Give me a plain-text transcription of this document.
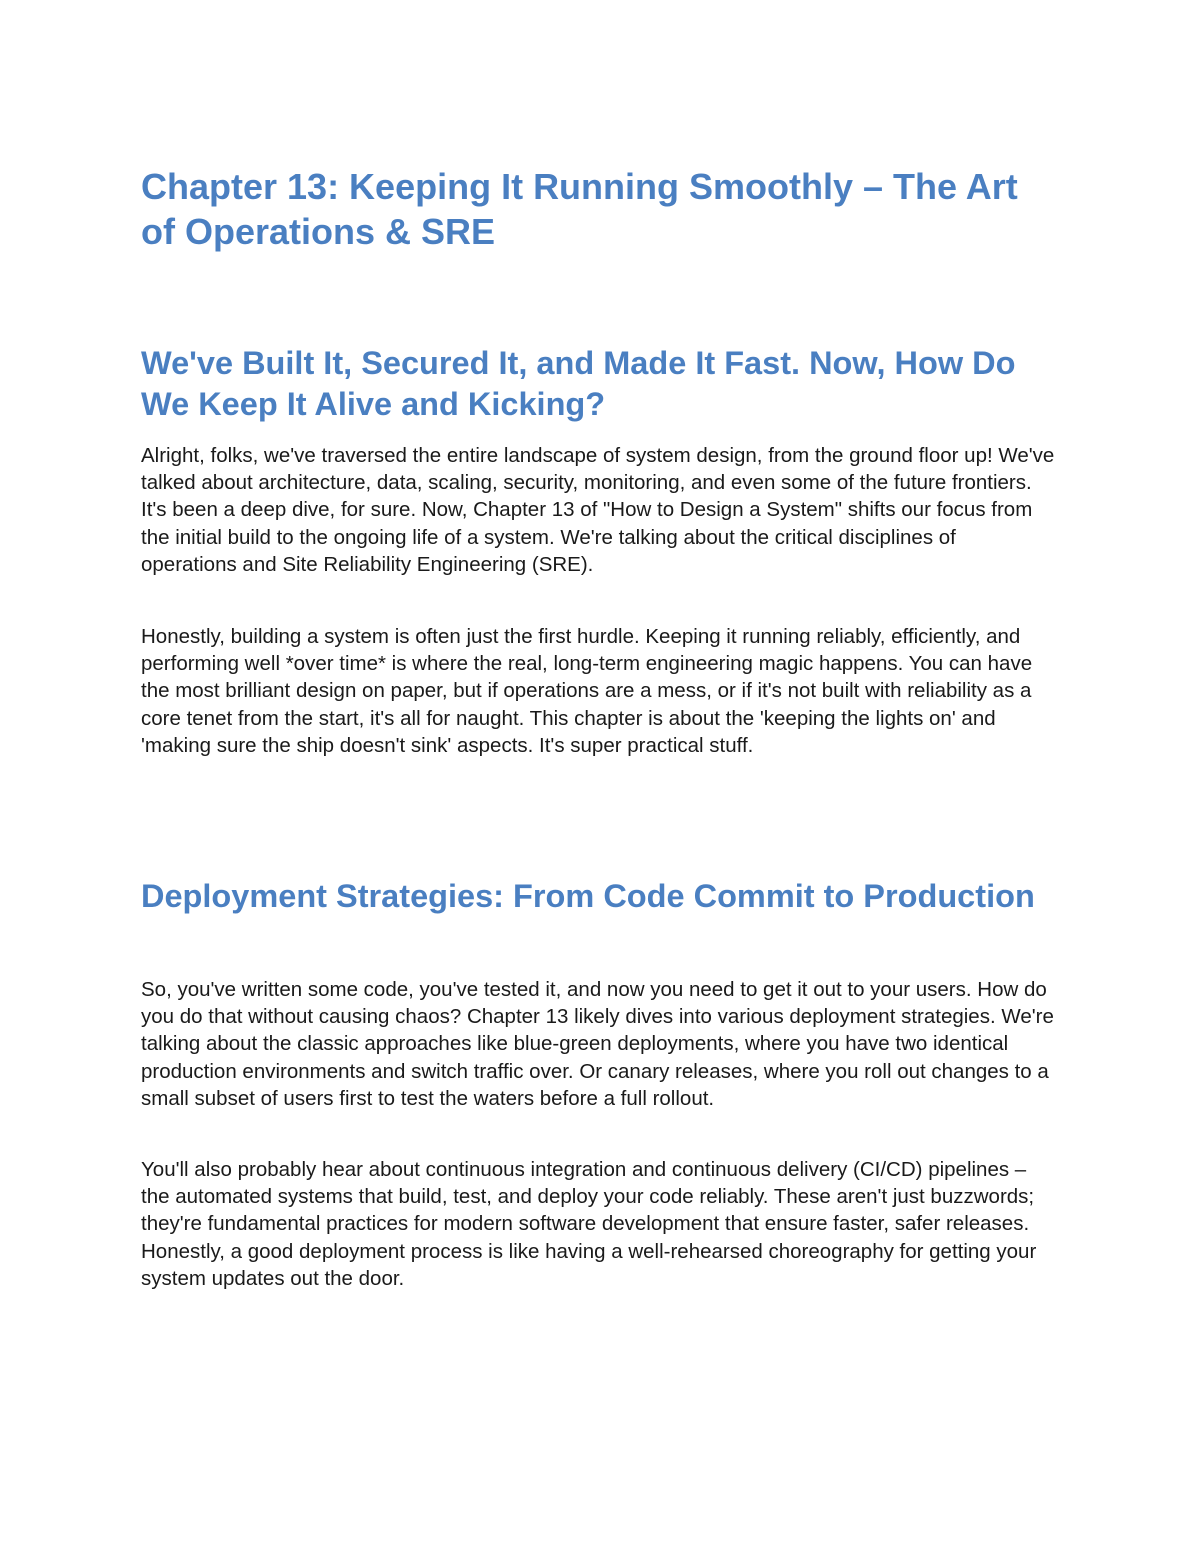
Chapter 13: Keeping It Running Smoothly – The Art of Operations & SRE
We've Built It, Secured It, and Made It Fast. Now, How Do We Keep It Alive and Kicking?

Alright, folks, we've traversed the entire landscape of system design, from the ground floor up! We've talked about architecture, data, scaling, security, monitoring, and even some of the future frontiers. It's been a deep dive, for sure. Now, Chapter 13 of "How to Design a System" shifts our focus from the initial build to the ongoing life of a system. We're talking about the critical disciplines of operations and Site Reliability Engineering (SRE).

Honestly, building a system is often just the first hurdle. Keeping it running reliably, efficiently, and performing well *over time* is where the real, long-term engineering magic happens. You can have the most brilliant design on paper, but if operations are a mess, or if it's not built with reliability as a core tenet from the start, it's all for naught. This chapter is about the 'keeping the lights on' and 'making sure the ship doesn't sink' aspects. It's super practical stuff.

Deployment Strategies: From Code Commit to Production

So, you've written some code, you've tested it, and now you need to get it out to your users. How do you do that without causing chaos? Chapter 13 likely dives into various deployment strategies. We're talking about the classic approaches like blue-green deployments, where you have two identical production environments and switch traffic over. Or canary releases, where you roll out changes to a small subset of users first to test the waters before a full rollout.

You'll also probably hear about continuous integration and continuous delivery (CI/CD) pipelines – the automated systems that build, test, and deploy your code reliably. These aren't just buzzwords; they're fundamental practices for modern software development that ensure faster, safer releases. Honestly, a good deployment process is like having a well-rehearsed choreography for getting your system updates out the door.
